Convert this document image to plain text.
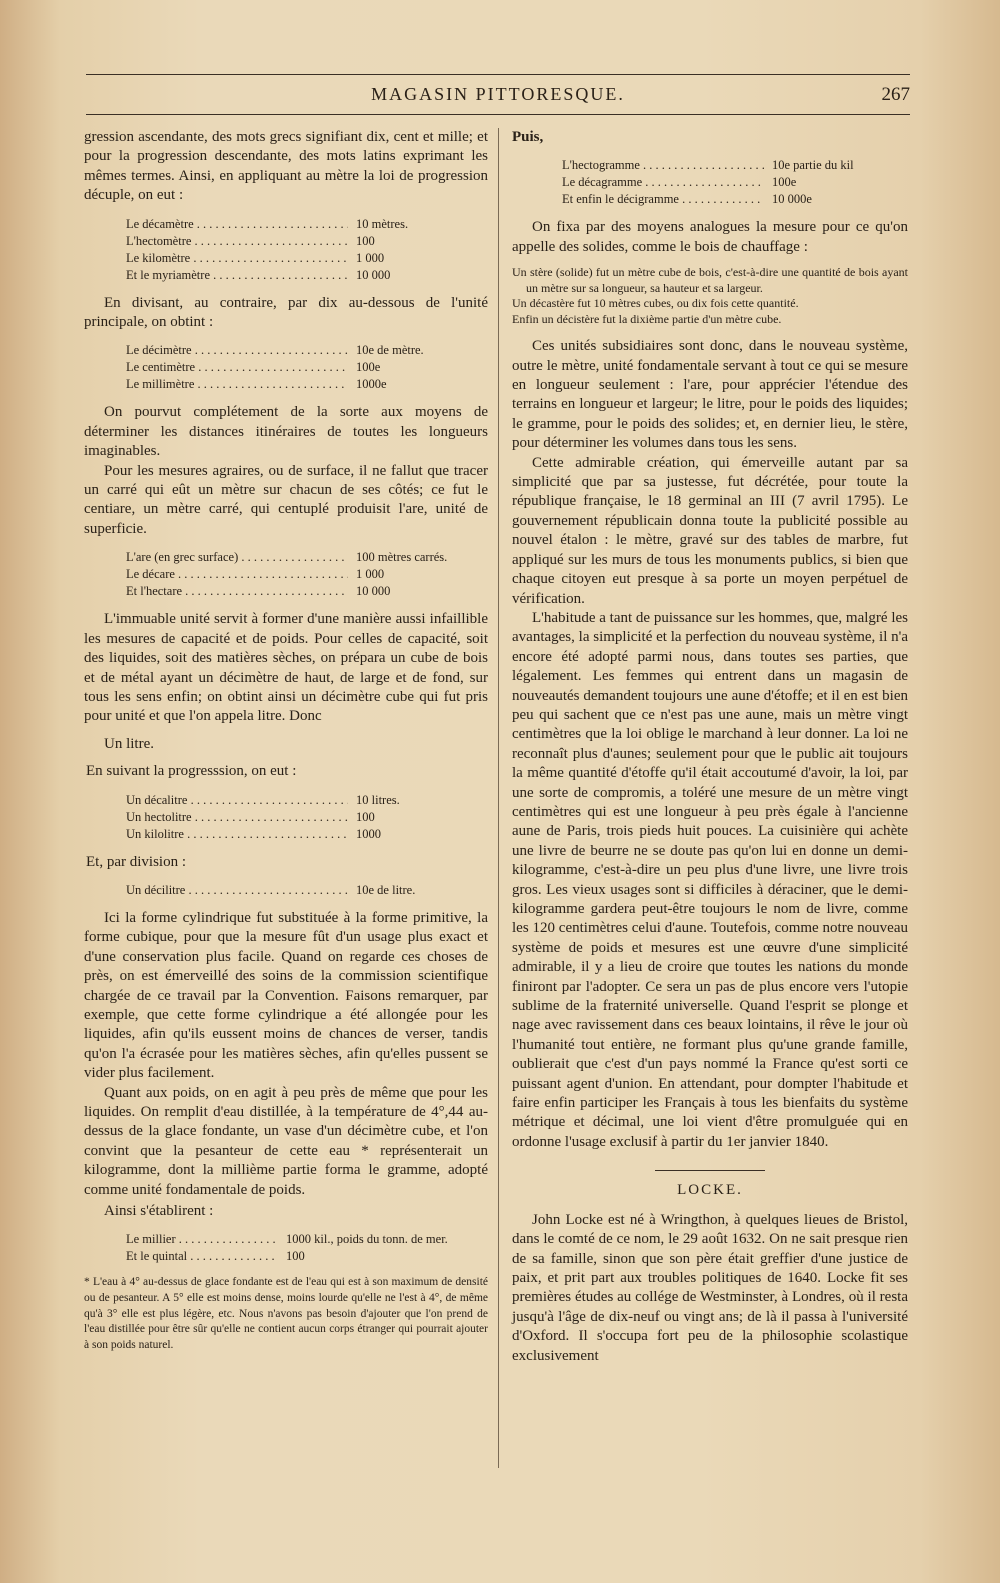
MAGASIN PITTORESQUE.	267

gression ascendante, des mots grecs signifiant dix, cent et mille; et pour la progression descendante, des mots latins exprimant les mêmes termes. Ainsi, en appliquant au mètre la loi de progression décuple, on eut :

Le décamètre . . .	10 mètres.
L'hectomètre . . .	100
Le kilomètre . . .	1 000
Et le myriamètre . . .	10 000

En divisant, au contraire, par dix au-dessous de l'unité principale, on obtint :

Le décimètre . . .	10e de mètre.
Le centimètre . . .	100e
Le millimètre . . .	1000e

On pourvut complétement de la sorte aux moyens de déterminer les distances itinéraires de toutes les longueurs imaginables.

Pour les mesures agraires, ou de surface, il ne fallut que tracer un carré qui eût un mètre sur chacun de ses côtés; ce fut le centiare, un mètre carré, qui centuplé produisit l'are, unité de superficie.

L'are (en grec surface) . . .	100 mètres carrés.
Le décare . . .	1 000
Et l'hectare . . .	10 000

L'immuable unité servit à former d'une manière aussi infaillible les mesures de capacité et de poids. Pour celles de capacité, soit des liquides, soit des matières sèches, on prépara un cube de bois et de métal ayant un décimètre de haut, de large et de fond, sur tous les sens enfin; on obtint ainsi un décimètre cube qui fut pris pour unité et que l'on appela litre. Donc

Un litre.
En suivant la progresssion, on eut :
Un décalitre . . .	10 litres.
Un hectolitre . . .	100
Un kilolitre . . .	1000
Et, par division :
Un décilitre . . .	10e de litre.

Ici la forme cylindrique fut substituée à la forme primitive, la forme cubique, pour que la mesure fût d'un usage plus exact et d'une conservation plus facile. Quand on regarde ces choses de près, on est émerveillé des soins de la commission scientifique chargée de ce travail par la Convention. Faisons remarquer, par exemple, que cette forme cylindrique a été allongée pour les liquides, afin qu'ils eussent moins de chances de verser, tandis qu'on l'a écrasée pour les matières sèches, afin qu'elles pussent se vider plus facilement.

Quant aux poids, on en agit à peu près de même que pour les liquides. On remplit d'eau distillée, à la température de 4°,44 au-dessus de la glace fondante, un vase d'un décimètre cube, et l'on convint que la pesanteur de cette eau * représenterait un kilogramme, dont la millième partie forma le gramme, adopté comme unité fondamentale de poids.

Ainsi s'établirent :
Le millier . . .	1000 kil., poids du tonn. de mer.
Et le quintal . . .	100

* L'eau à 4° au-dessus de glace fondante est de l'eau qui est à son maximum de densité ou de pesanteur. A 5° elle est moins dense, moins lourde qu'elle ne l'est à 4°, de même qu'à 3° elle est plus légère, etc. Nous n'avons pas besoin d'ajouter que l'on prend de l'eau distillée pour être sûr qu'elle ne contient aucun corps étranger qui pourrait ajouter à son poids naturel.

Puis,
L'hectogramme . . .	10e partie du kil
Le décagramme . . .	100e
Et enfin le décigramme . . .	10 000e

On fixa par des moyens analogues la mesure pour ce qu'on appelle des solides, comme le bois de chauffage :

Un stère (solide) fut un mètre cube de bois, c'est-à-dire une quantité de bois ayant un mètre sur sa longueur, sa hauteur et sa largeur.

Un décastère fut 10 mètres cubes, ou dix fois cette quantité.

Enfin un décistère fut la dixième partie d'un mètre cube.

Ces unités subsidiaires sont donc, dans le nouveau système, outre le mètre, unité fondamentale servant à tout ce qui se mesure en longueur seulement : l'are, pour apprécier l'étendue des terrains en longueur et largeur; le litre, pour le poids des liquides; le gramme, pour le poids des solides; et, en dernier lieu, le stère, pour déterminer les volumes dans tous les sens.

Cette admirable création, qui émerveille autant par sa simplicité que par sa justesse, fut décrétée, pour toute la république française, le 18 germinal an III (7 avril 1795). Le gouvernement républicain donna toute la publicité possible au nouvel étalon : le mètre, gravé sur des tables de marbre, fut appliqué sur les murs de tous les monuments publics, si bien que chaque citoyen eut presque à sa porte un moyen perpétuel de vérification.

L'habitude a tant de puissance sur les hommes, que, malgré les avantages, la simplicité et la perfection du nouveau système, il n'a encore été adopté parmi nous, dans toutes ses parties, que légalement. Les femmes qui entrent dans un magasin de nouveautés demandent toujours une aune d'étoffe; et il en est bien peu qui sachent que ce n'est pas une aune, mais un mètre vingt centimètres que la loi oblige le marchand à leur donner. La loi ne reconnaît plus d'aunes; seulement pour que le public ait toujours la même quantité d'étoffe qu'il était accoutumé d'avoir, la loi, par une sorte de compromis, a toléré une mesure de un mètre vingt centimètres qui est une longueur à peu près égale à l'ancienne aune de Paris, trois pieds huit pouces. La cuisinière qui achète une livre de beurre ne se doute pas qu'on lui en donne un demi-kilogramme, c'est-à-dire un peu plus d'une livre, une livre trois gros. Les vieux usages sont si difficiles à déraciner, que le demi-kilogramme gardera peut-être toujours le nom de livre, comme les 120 centimètres celui d'aune. Toutefois, comme notre nouveau système de poids et mesures est une œuvre d'une simplicité admirable, il y a lieu de croire que toutes les nations du monde finiront par l'adopter. Ce sera un pas de plus encore vers l'utopie sublime de la fraternité universelle. Quand l'esprit se plonge et nage avec ravissement dans ces beaux lointains, il rêve le jour où l'humanité tout entière, ne formant plus qu'une grande famille, oublierait que c'est d'un pays nommé la France qu'est sorti ce puissant agent d'union. En attendant, pour dompter l'habitude et faire enfin participer les Français à tous les bienfaits du système métrique et décimal, une loi vient d'être promulguée qui en ordonne l'usage exclusif à partir du 1er janvier 1840.

LOCKE.

John Locke est né à Wringthon, à quelques lieues de Bristol, dans le comté de ce nom, le 29 août 1632. On ne sait presque rien de sa famille, sinon que son père était greffier d'une justice de paix, et prit part aux troubles politiques de 1640. Locke fit ses premières études au collége de Westminster, à Londres, où il resta jusqu'à l'âge de dix-neuf ou vingt ans; de là il passa à l'université d'Oxford. Il s'occupa fort peu de la philosophie scolastique exclusivement
